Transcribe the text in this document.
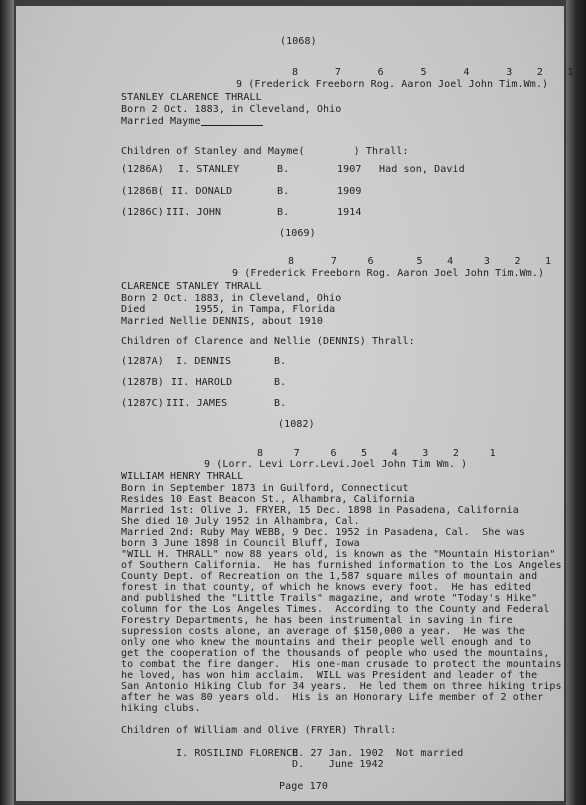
(1068)
8      7      6      5      4      3    2    1
9 (Frederick Freeborn Rog. Aaron Joel John Tim.Wm.)
STANLEY CLARENCE THRALL
Born 2 Oct. 1883, in Cleveland, Ohio
Married Mayme
Children of Stanley and Mayme(        ) Thrall:
(1286A) I. STANLEY	B.	1907 Had son, David
(1286B( II. DONALD	B.	1909
(1286C) III. JOHN	B.	1914
(1069)
8      7     6       5    4     3    2    1
9 (Frederick Freeborn Rog. Aaron Joel John Tim.Wm.)
CLARENCE STANLEY THRALL
Born 2 Oct. 1883, in Cleveland, Ohio
Died        1955, in Tampa, Florida
Married Nellie DENNIS, about 1910
Children of Clarence and Nellie (DENNIS) Thrall:
(1287A) I. DENNIS	B.
(1287B) II. HAROLD	B.
(1287C) III. JAMES	B.
(1082)
8     7     6    5    4    3    2     1
9 (Lorr. Levi Lorr.Levi.Joel John Tim Wm. )
WILLIAM HENRY THRALL
Born in September 1873 in Guilford, Connecticut
Resides 10 East Beacon St., Alhambra, California
Married 1st: Olive J. FRYER, 15 Dec. 1898 in Pasadena, California
She died 10 July 1952 in Alhambra, Cal.
Married 2nd: Ruby May WEBB, 9 Dec. 1952 in Pasadena, Cal.  She was
born 3 June 1898 in Council Bluff, Iowa
"WILL H. THRALL" now 88 years old, is known as the "Mountain Historian"
of Southern California.  He has furnished information to the Los Angeles
County Dept. of Recreation on the 1,587 square miles of mountain and
forest in that county, of which he knows every foot.  He has edited
and published the "Little Trails" magazine, and wrote "Today's Hike"
column for the Los Angeles Times.  According to the County and Federal
Forestry Departments, he has been instrumental in saving in fire
supression costs alone, an average of $150,000 a year.  He was the
only one who knew the mountains and their people well enough and to
get the cooperation of the thousands of people who used the mountains,
to combat the fire danger.  His one-man crusade to protect the mountains
he loved, has won him acclaim.  WILL was President and leader of the
San Antonio Hiking Club for 34 years.  He led them on three hiking trips
after he was 80 years old.  His is an Honorary Life member of 2 other
hiking clubs.
Children of William and Olive (FRYER) Thrall:
I. ROSILIND FLORENCE
B. 27 Jan. 1902  Not married
D.    June 1942
Page 170
